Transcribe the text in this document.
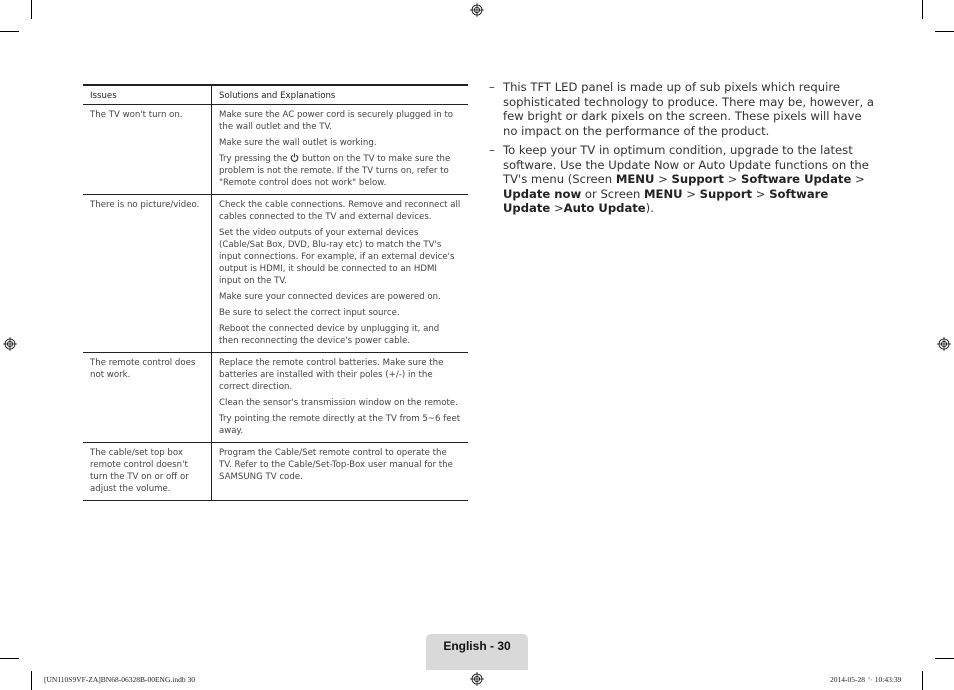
Issues	Solutions and Explanations
The TV won't turn on.	Make sure the AC power cord is securely plugged in to the wall outlet and the TV.
Make sure the wall outlet is working.
Try pressing the button on the TV to make sure the problem is not the remote. If the TV turns on, refer to "Remote control does not work" below.

There is no picture/video.	Check the cable connections. Remove and reconnect all cables connected to the TV and external devices.
Set the video outputs of your external devices (Cable/Sat Box, DVD, Blu-ray etc) to match the TV's input connections. For example, if an external device's output is HDMI, it should be connected to an HDMI input on the TV.
Make sure your connected devices are powered on.
Be sure to select the correct input source.
Reboot the connected device by unplugging it, and then reconnecting the device's power cable.

The remote control does not work.	Replace the remote control batteries. Make sure the batteries are installed with their poles (+/-) in the correct direction.
Clean the sensor's transmission window on the remote.
Try pointing the remote directly at the TV from 5~6 feet away.

The cable/set top box remote control doesn't turn the TV on or off or adjust the volume.	Program the Cable/Set remote control to operate the TV. Refer to the Cable/Set-Top-Box user manual for the SAMSUNG TV code.
– This TFT LED panel is made up of sub pixels which require sophisticated technology to produce. There may be, however, a few bright or dark pixels on the screen. These pixels will have no impact on the performance of the product.
– To keep your TV in optimum condition, upgrade to the latest software. Use the Update Now or Auto Update functions on the TV's menu (Screen MENU > Support > Software Update > Update now or Screen MENU > Support > Software Update >Auto Update).
English - 30
[UN110S9VF-ZA]BN68-06328B-00ENG.indb 30	2014-05-28 ␉ 10:43:39
